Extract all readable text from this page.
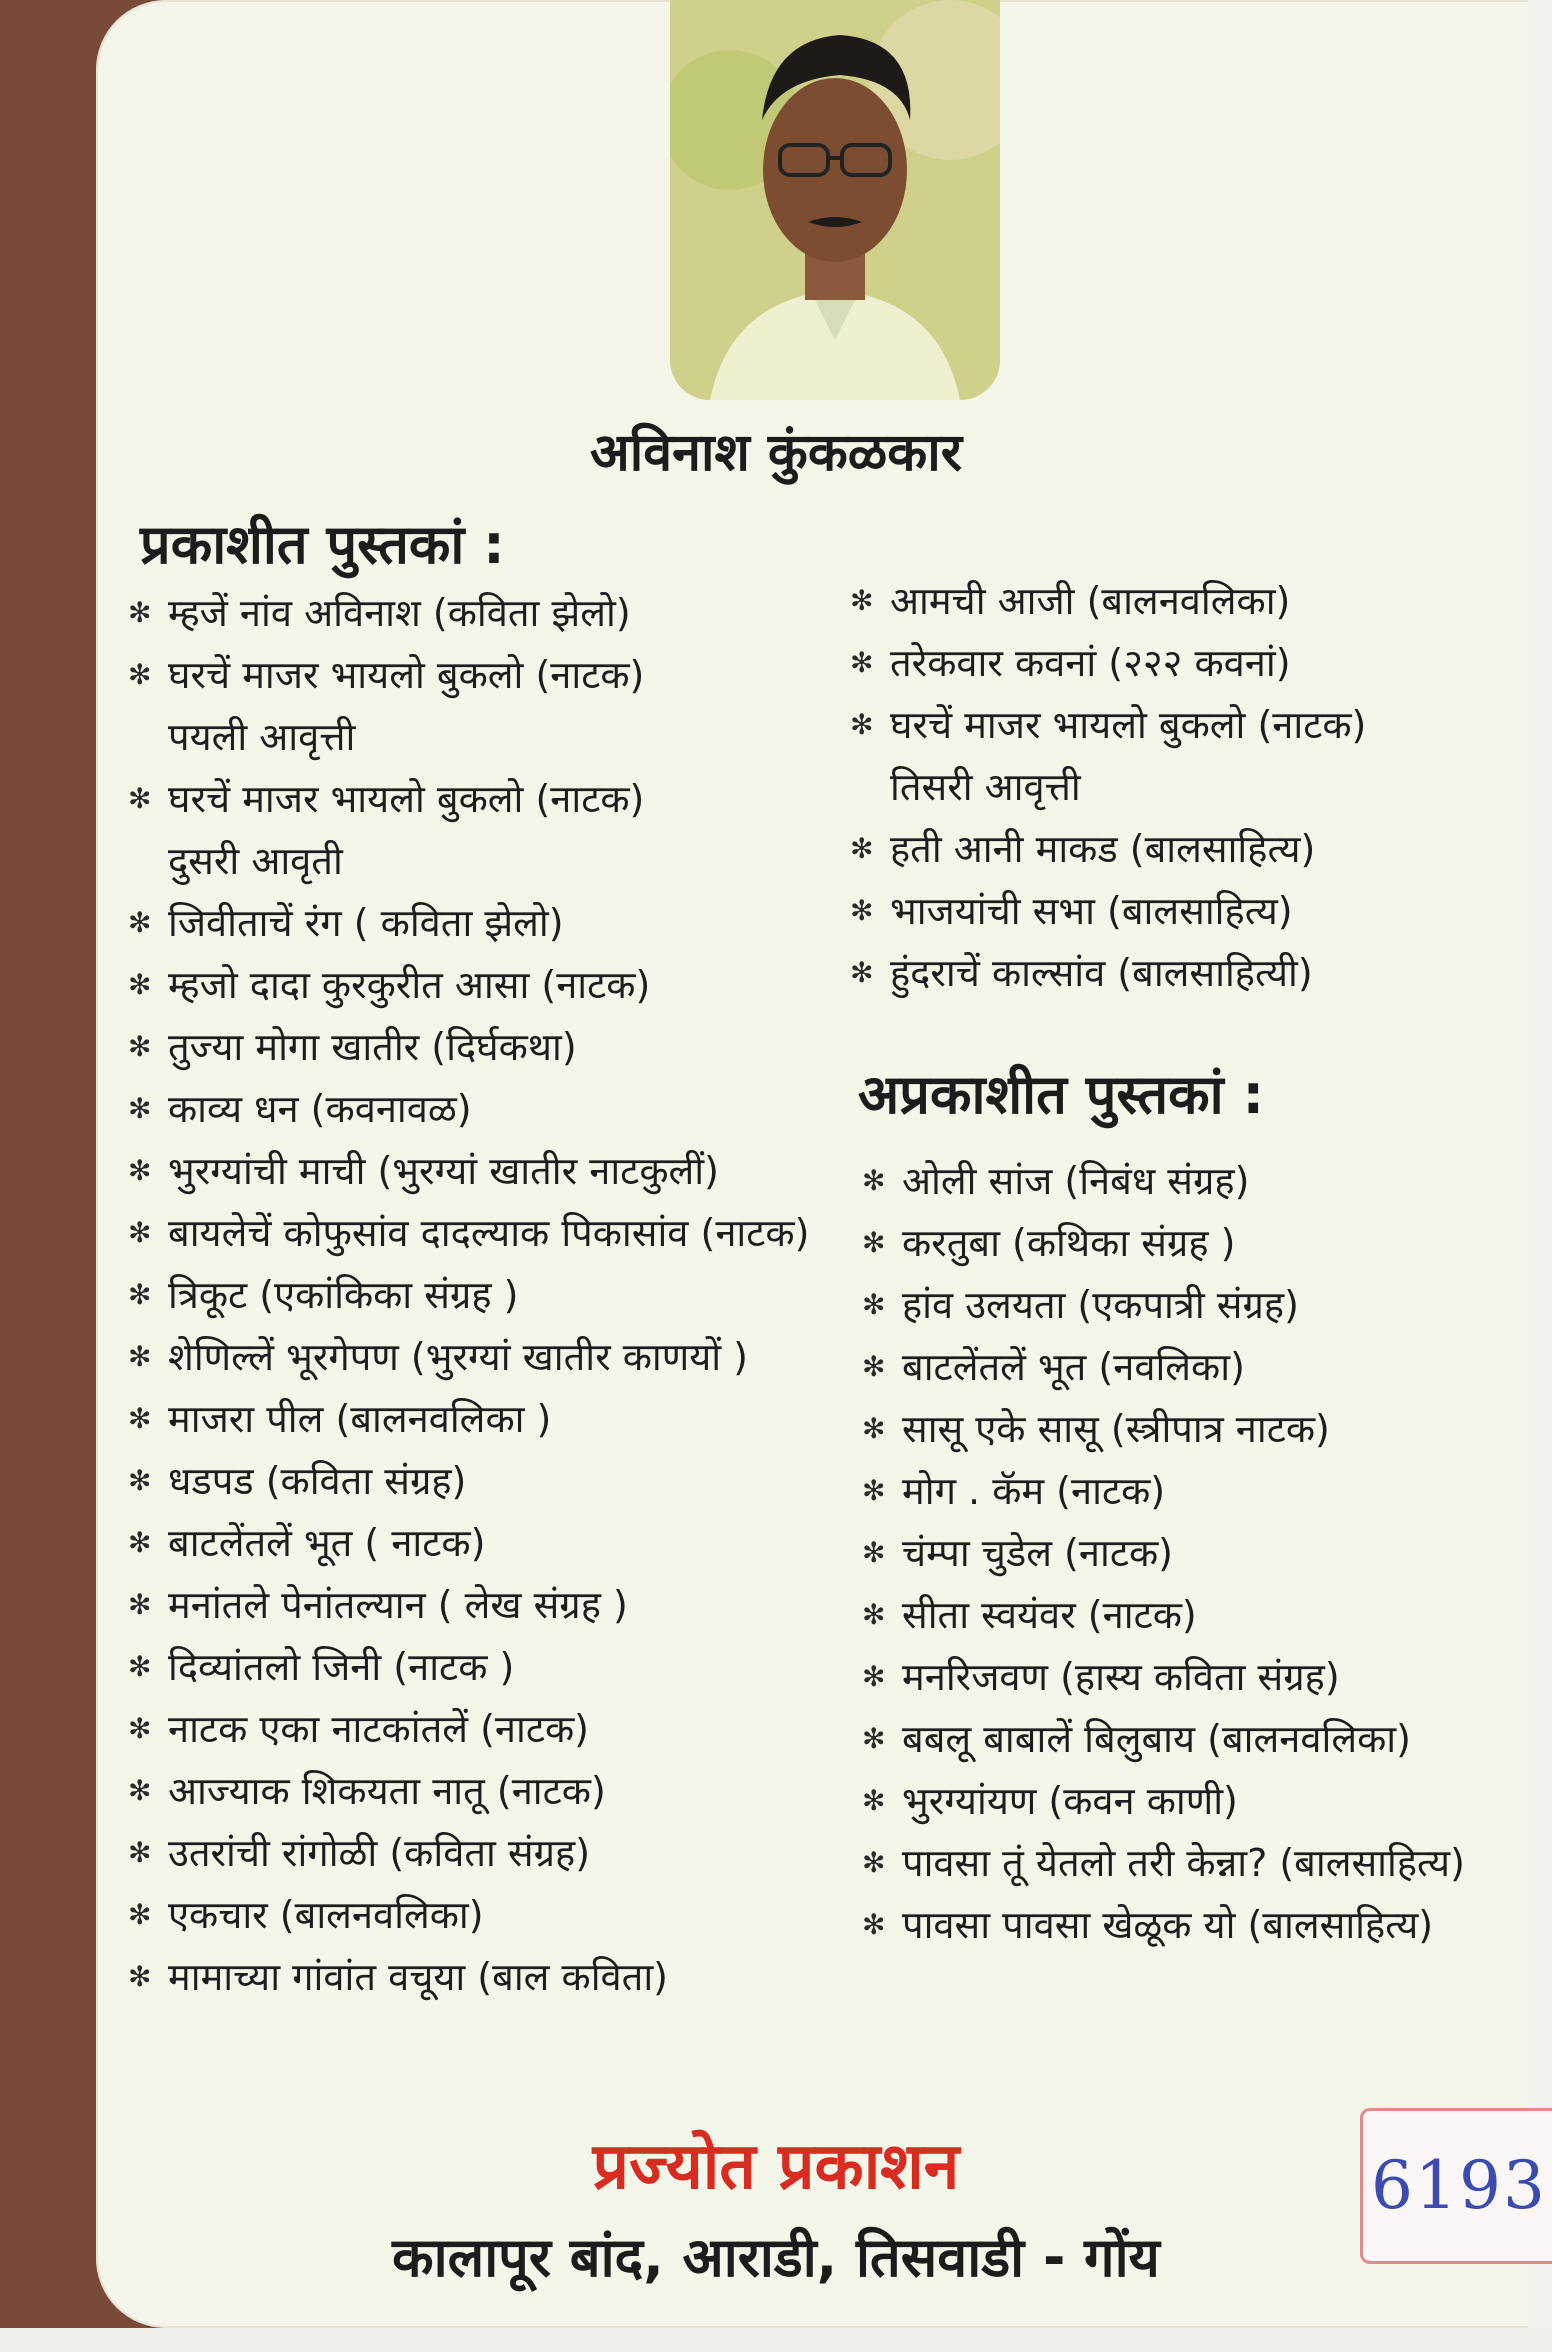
अविनाश कुंकळकार
प्रकाशीत पुस्तकां :
✻ म्हजें नांव अविनाश (कविता झेलो)
✻ घरचें माजर भायलो बुकलो (नाटक)
पयली आवृत्ती
✻ घरचें माजर भायलो बुकलो (नाटक)
दुसरी आवृती
✻ जिवीताचें रंग ( कविता झेलो)
✻ म्हजो दादा कुरकुरीत आसा (नाटक)
✻ तुज्या मोगा खातीर (दिर्घकथा)
✻ काव्य धन (कवनावळ)
✻ भुरग्यांची माची (भुरग्यां खातीर नाटकुलीं)
✻ बायलेचें कोफुसांव दादल्याक पिकासांव (नाटक)
✻ त्रिकूट (एकांकिका संग्रह )
✻ शेणिल्लें भूरगेपण (भुरग्यां खातीर काणयों )
✻ माजरा पील (बालनवलिका )
✻ धडपड (कविता संग्रह)
✻ बाटलेंतलें भूत ( नाटक)
✻ मनांतले पेनांतल्यान ( लेख संग्रह )
✻ दिव्यांतलो जिनी (नाटक )
✻ नाटक एका नाटकांतलें (नाटक)
✻ आज्याक शिकयता नातू (नाटक)
✻ उतरांची रांगोळी (कविता संग्रह)
✻ एकचार (बालनवलिका)
✻ मामाच्या गांवांत वचूया (बाल कविता)
✻ आमची आजी (बालनवलिका)
✻ तरेकवार कवनां (२२२ कवनां)
✻ घरचें माजर भायलो बुकलो (नाटक)
तिसरी आवृत्ती
✻ हती आनी माकड (बालसाहित्य)
✻ भाजयांची सभा (बालसाहित्य)
✻ हुंदराचें काल्सांव (बालसाहित्यी)
अप्रकाशीत पुस्तकां :
✻ ओली सांज (निबंध संग्रह)
✻ करतुबा (कथिका संग्रह )
✻ हांव उलयता (एकपात्री संग्रह)
✻ बाटलेंतलें भूत (नवलिका)
✻ सासू एके सासू (स्त्रीपात्र नाटक)
✻ मोग . कॅम (नाटक)
✻ चंम्पा चुडेल (नाटक)
✻ सीता स्वयंवर (नाटक)
✻ मनरिजवण (हास्य कविता संग्रह)
✻ बबलू बाबालें बिलुबाय (बालनवलिका)
✻ भुरग्यांयण (कवन काणी)
✻ पावसा तूं येतलो तरी केन्ना? (बालसाहित्य)
✻ पावसा पावसा खेळूक यो (बालसाहित्य)
प्रज्योत प्रकाशन
कालापूर बांद, आराडी, तिसवाडी - गोंय
6193
